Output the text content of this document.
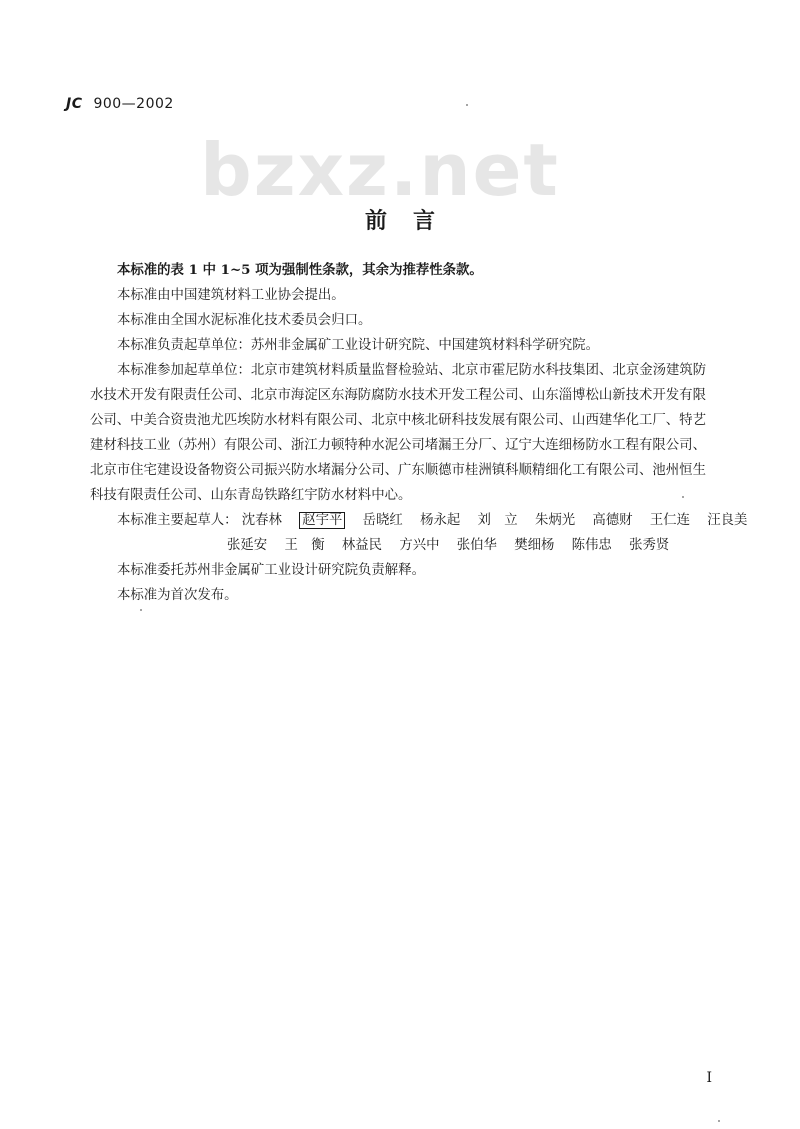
JC 900—2002
bzxz.net
前言

本标准的表 1 中 1~5 项为强制性条款，其余为推荐性条款。

本标准由中国建筑材料工业协会提出。

本标准由全国水泥标准化技术委员会归口。

本标准负责起草单位：苏州非金属矿工业设计研究院、中国建筑材料科学研究院。

本标准参加起草单位：北京市建筑材料质量监督检验站、北京市霍尼防水科技集团、北京金汤建筑防水技术开发有限责任公司、北京市海淀区东海防腐防水技术开发工程公司、山东淄博松山新技术开发有限公司、中美合资贵池尤匹埃防水材料有限公司、北京中核北研科技发展有限公司、山西建华化工厂、特艺建材科技工业（苏州）有限公司、浙江力顿特种水泥公司堵漏王分厂、辽宁大连细杨防水工程有限公司、北京市住宅建设设备物资公司振兴防水堵漏分公司、广东顺德市桂洲镇科顺精细化工有限公司、池州恒生科技有限责任公司、山东青岛铁路红宇防水材料中心。

本标准主要起草人： 沈春林 赵宇平 岳晓红 杨永起 刘　立 朱炳光 高德财 王仁连 汪良美
张延安 王　衡 林益民 方兴中 张伯华 樊细杨 陈伟忠 张秀贤

本标准委托苏州非金属矿工业设计研究院负责解释。

本标准为首次发布。

I
